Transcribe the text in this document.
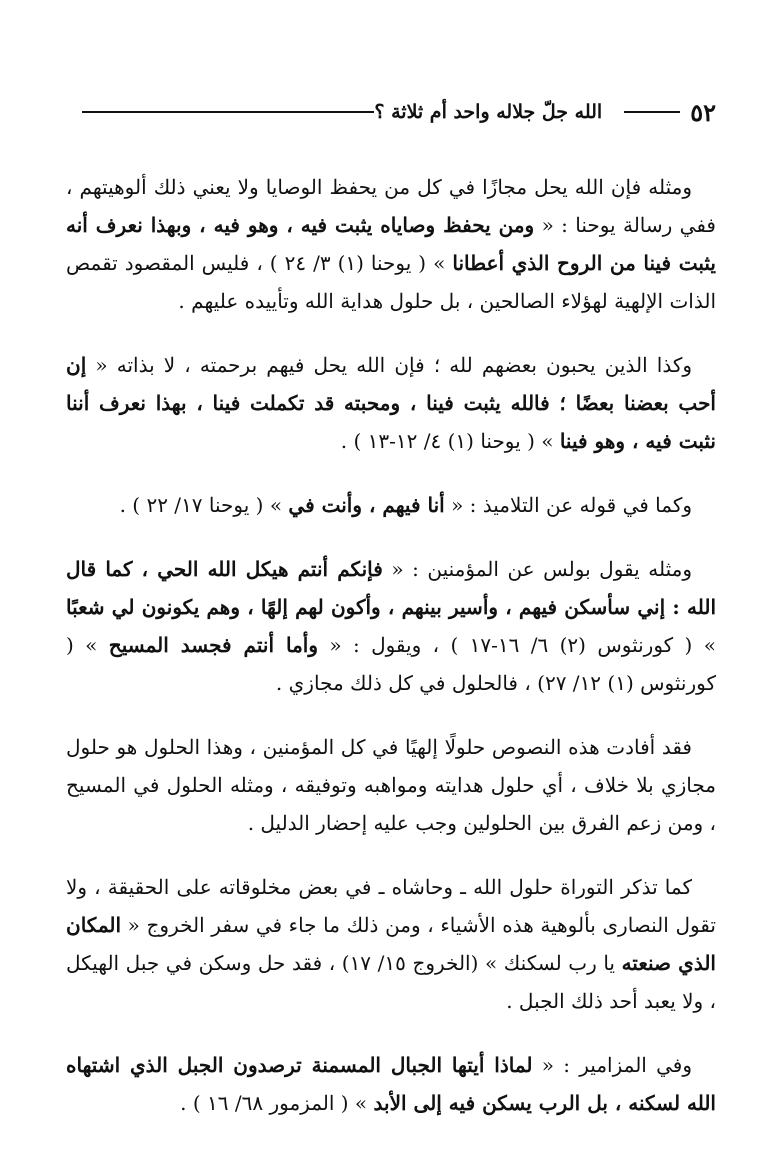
٥٢
الله جلّ جلاله واحد أم ثلاثة ؟

ومثله فإن الله يحل مجازًا في كل من يحفظ الوصايا ولا يعني ذلك ألوهيتهم ، ففي رسالة يوحنا : « ومن يحفظ وصاياه يثبت فيه ، وهو فيه ، وبهذا نعرف أنه يثبت فينا من الروح الذي أعطانا » ( يوحنا (١) ٣/ ٢٤ ) ، فليس المقصود تقمص الذات الإلهية لهؤلاء الصالحين ، بل حلول هداية الله وتأييده عليهم .

وكذا الذين يحبون بعضهم لله ؛ فإن الله يحل فيهم برحمته ، لا بذاته « إن أحب بعضنا بعضًا ؛ فالله يثبت فينا ، ومحبته قد تكملت فينا ، بهذا نعرف أننا نثبت فيه ، وهو فينا » ( يوحنا (١) ٤/ ١٢-١٣ ) .

وكما في قوله عن التلاميذ : « أنا فيهم ، وأنت في » ( يوحنا ١٧/ ٢٢ ) .

ومثله يقول بولس عن المؤمنين : « فإنكم أنتم هيكل الله الحي ، كما قال الله : إني سأسكن فيهم ، وأسير بينهم ، وأكون لهم إلهًا ، وهم يكونون لي شعبًا » ( كورنثوس (٢) ٦/ ١٦-١٧ ) ، ويقول : « وأما أنتم فجسد المسيح » ( كورنثوس (١) ١٢/ ٢٧) ، فالحلول في كل ذلك مجازي .

فقد أفادت هذه النصوص حلولًا إلهيًا في كل المؤمنين ، وهذا الحلول هو حلول مجازي بلا خلاف ، أي حلول هدايته ومواهبه وتوفيقه ، ومثله الحلول في المسيح ، ومن زعم الفرق بين الحلولين وجب عليه إحضار الدليل .

كما تذكر التوراة حلول الله ـ وحاشاه ـ في بعض مخلوقاته على الحقيقة ، ولا تقول النصارى بألوهية هذه الأشياء ، ومن ذلك ما جاء في سفر الخروج « المكان الذي صنعته يا رب لسكنك » (الخروج ١٥/ ١٧) ، فقد حل وسكن في جبل الهيكل ، ولا يعبد أحد ذلك الجبل .

وفي المزامير : « لماذا أيتها الجبال المسمنة ترصدون الجبل الذي اشتهاه الله لسكنه ، بل الرب يسكن فيه إلى الأبد » ( المزمور ٦٨/ ١٦ ) .
